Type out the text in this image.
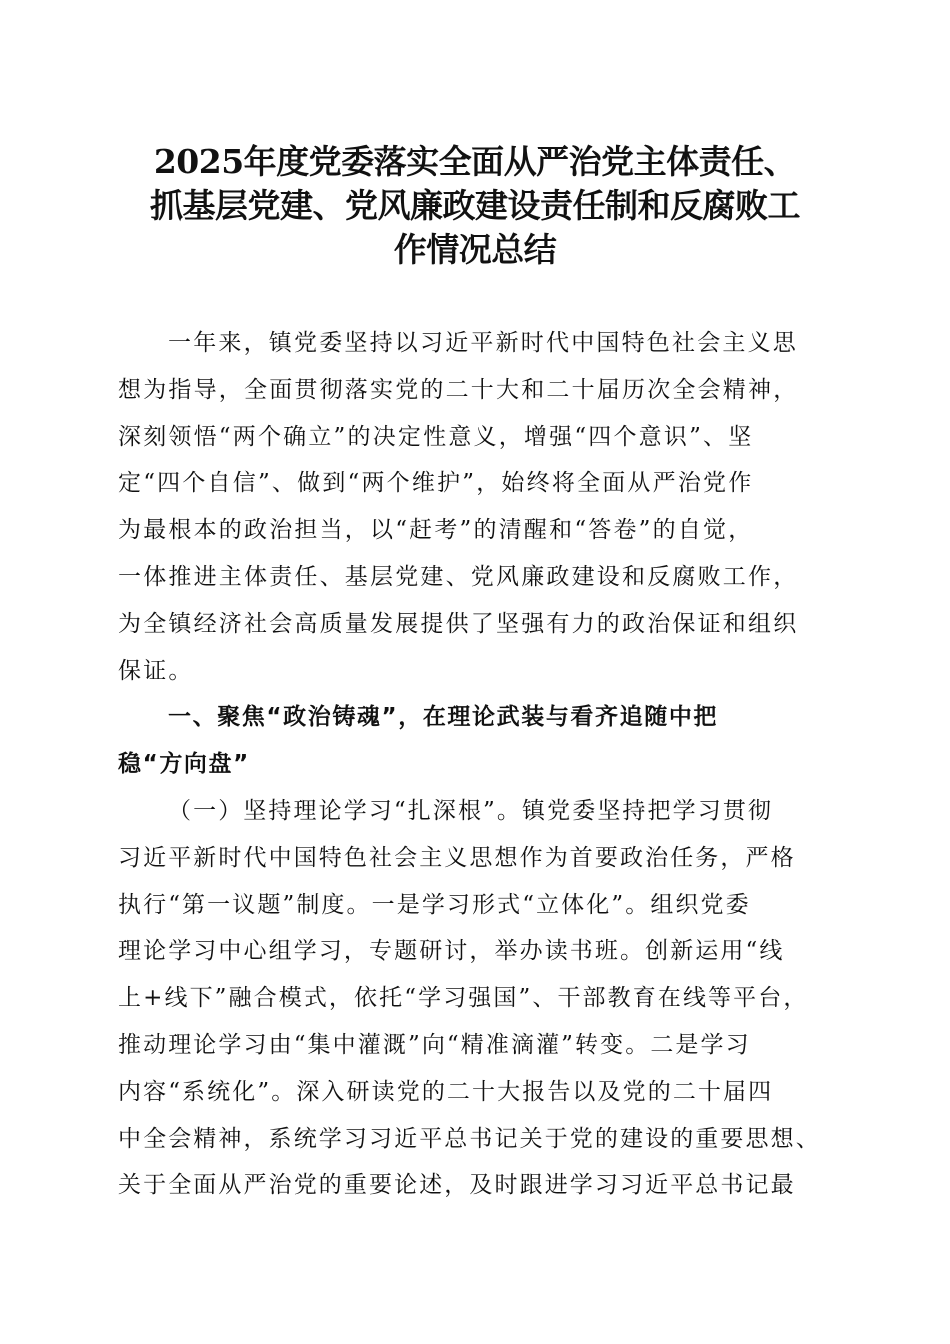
2025年度党委落实全面从严治党主体责任、
抓基层党建、党风廉政建设责任制和反腐败工
作情况总结
一年来，镇党委坚持以习近平新时代中国特色社会主义思
想为指导，全面贯彻落实党的二十大和二十届历次全会精神，
深刻领悟“两个确立”的决定性意义，增强“四个意识”、坚
定“四个自信”、做到“两个维护”，始终将全面从严治党作
为最根本的政治担当，以“赶考”的清醒和“答卷”的自觉，
一体推进主体责任、基层党建、党风廉政建设和反腐败工作，
为全镇经济社会高质量发展提供了坚强有力的政治保证和组织
保证。
一、聚焦“政治铸魂”，在理论武装与看齐追随中把
稳“方向盘”
（一）坚持理论学习“扎深根”。镇党委坚持把学习贯彻
习近平新时代中国特色社会主义思想作为首要政治任务，严格
执行“第一议题”制度。一是学习形式“立体化”。组织党委
理论学习中心组学习，专题研讨，举办读书班。创新运用“线
上+线下”融合模式，依托“学习强国”、干部教育在线等平台，
推动理论学习由“集中灌溉”向“精准滴灌”转变。二是学习
内容“系统化”。深入研读党的二十大报告以及党的二十届四
中全会精神，系统学习习近平总书记关于党的建设的重要思想、
关于全面从严治党的重要论述，及时跟进学习习近平总书记最
